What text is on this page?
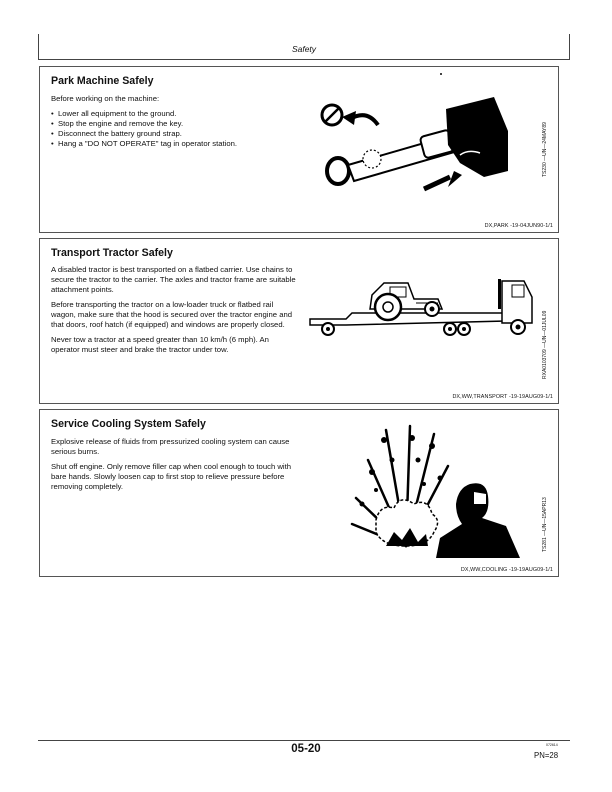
Safety
Park Machine Safely

Before working on the machine:

• Lower all equipment to the ground.
• Stop the engine and remove the key.
• Disconnect the battery ground strap.
• Hang a "DO NOT OPERATE" tag in operator station.	TS230 —UN—24MAY89
DX,PARK -19-04JUN90-1/1
Transport Tractor Safely

A disabled tractor is best transported on a flatbed carrier. Use chains to secure the tractor to the carrier. The axles and tractor frame are suitable attachment points.

Before transporting the tractor on a low-loader truck or flatbed rail wagon, make sure that the hood is secured over the tractor engine and that doors, roof hatch (if equipped) and windows are properly closed.

Never tow a tractor at a speed greater than 10 km/h (6 mph). An operator must steer and brake the tractor under tow.	RXA0103709 —UN—01JUL09
DX,WW,TRANSPORT -19-19AUG09-1/1
Service Cooling System Safely

Explosive release of fluids from pressurized cooling system can cause serious burns.

Shut off engine. Only remove filler cap when cool enough to touch with bare hands. Slowly loosen cap to first stop to relieve pressure before removing completely.

TS281 —UN—15APR13
DX,WW,COOLING -19-19AUG09-1/1
05-20	072614
PN=28
